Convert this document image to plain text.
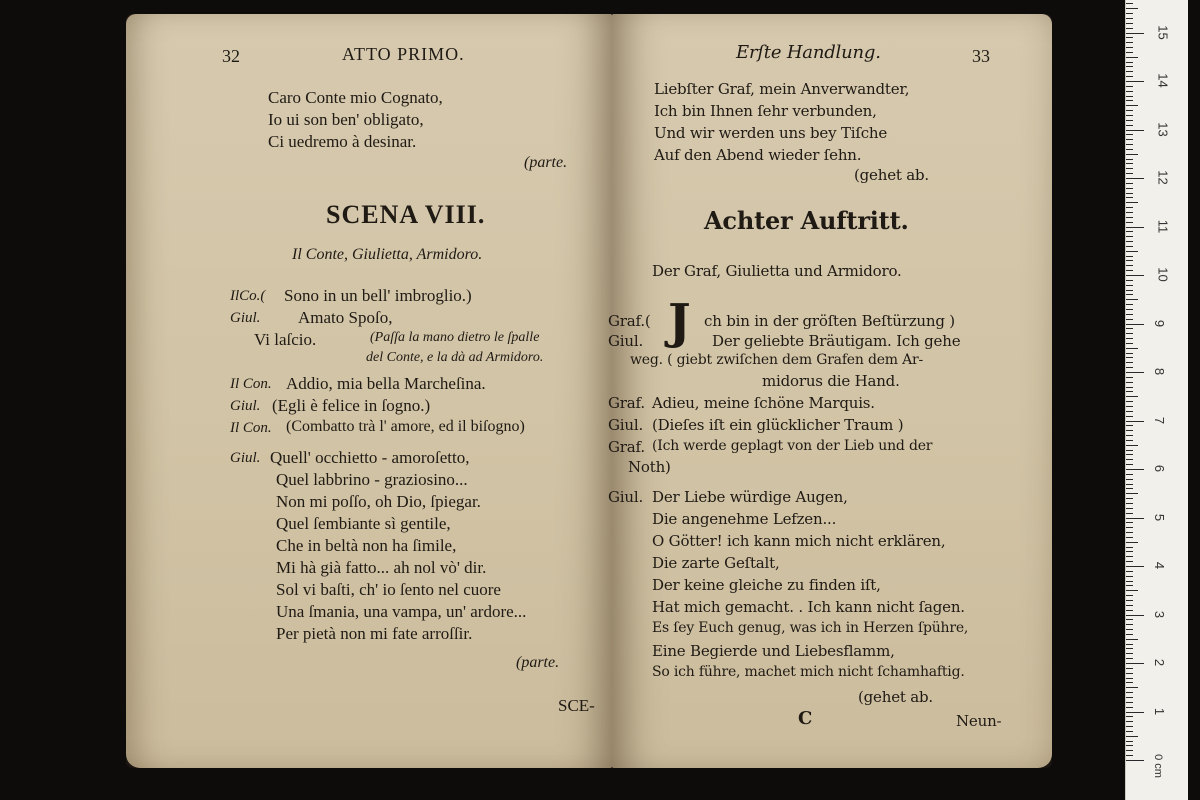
32	ATTO PRIMO.
Caro Conte mio Cognato,
Io ui son ben' obligato,
Ci uedremo à desinar.
(parte.
SCENA VIII.
Il Conte, Giulietta, Armidoro.
IlCo.( Sono in un bell' imbroglio.)
Giul. Amato Spoſo,
Vi laſcio.	(Paſſa la mano dietro le ſpalle
del Conte, e la dà ad Armidoro.
Il Con. Addio, mia bella Marcheſina.
Giul. (Egli è felice in ſogno.)
Il Con. (Combatto trà l' amore, ed il biſogno)
Giul. Quell' occhietto - amoroſetto,
Quel labbrino - graziosino...
Non mi poſſo, oh Dio, ſpiegar.
Quel ſembiante sì gentile,
Che in beltà non ha ſimile,
Mi hà già fatto... ah nol vò' dir.
Sol vi baſti, ch' io ſento nel cuore
Una ſmania, una vampa, un' ardore...
Per pietà non mi fate arroſſir.
(parte.
SCE-
Erſte Handlung.	33
Liebſter Graf, mein Anverwandter,
Ich bin Ihnen ſehr verbunden,
Und wir werden uns bey Tiſche
Auf den Abend wieder ſehn.
(gehet ab.
Achter Auftritt.
Der Graf, Giulietta und Armidoro.
Graf.( J ch bin in der gröſten Beſtürzung )
Giul.	Der geliebte Bräutigam. Ich gehe
weg. ( giebt zwiſchen dem Grafen dem Ar-
midorus die Hand.
Graf. Adieu, meine ſchöne Marquis.
Giul. (Dieſes iſt ein glücklicher Traum )
Graf. (Ich werde geplagt von der Lieb und der
Noth)
Giul. Der Liebe würdige Augen,
Die angenehme Lefzen...
O Götter! ich kann mich nicht erklären,
Die zarte Geſtalt,
Der keine gleiche zu finden iſt,
Hat mich gemacht. . Ich kann nicht ſagen.
Es ſey Euch genug, was ich in Herzen ſpühre,
Eine Begierde und Liebesflamm,
So ich führe, machet mich nicht ſchamhaftig.
(gehet ab.
C	Neun-
0 cm
1
2
3
4
5
6
7
8
9
10
11
12
13
14
15
